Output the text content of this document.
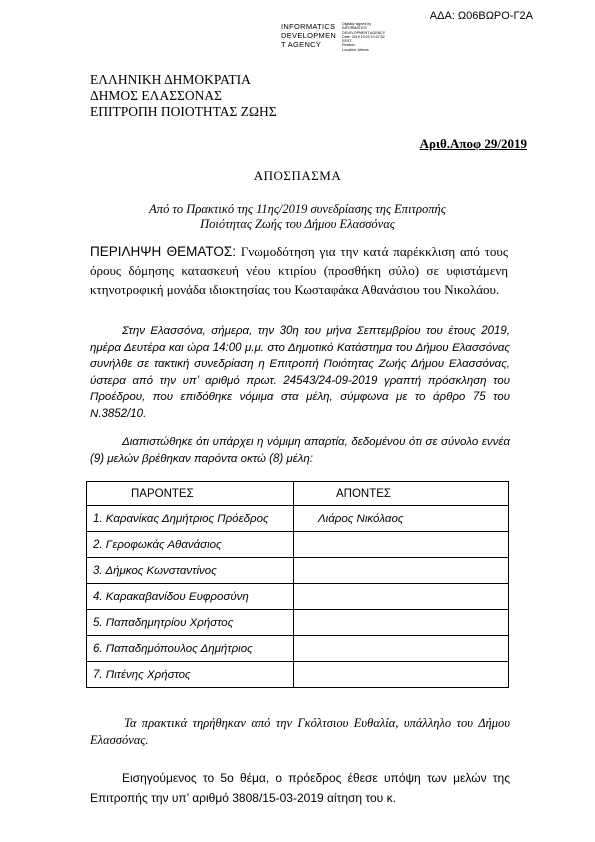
ΑΔΑ: Ω06ΒΩΡΟ-Γ2Α
INFORMATICS
DEVELOPMEN
T AGENCY
Digitally signed by
INFORMATICS
DEVELOPMENT AGENCY
Date: 2019.10.03 10:37:52
EEST
Reason:
Location: Athens
ΕΛΛΗΝΙΚΗ ΔΗΜΟΚΡΑΤΙΑ
ΔΗΜΟΣ ΕΛΑΣΣΟΝΑΣ
ΕΠΙΤΡΟΠΗ ΠΟΙΟΤΗΤΑΣ ΖΩΗΣ
Αριθ.Αποφ 29/2019
ΑΠΟΣΠΑΣΜΑ
Από το Πρακτικό της 11ης/2019 συνεδρίασης της Επιτροπής
Ποιότητας Ζωής του Δήμου Ελασσόνας
ΠΕΡΙΛΗΨΗ ΘΕΜΑΤΟΣ: Γνωμοδότηση για την κατά παρέκκλιση από τους όρους δόμησης κατασκευή νέου κτιρίου (προσθήκη σύλο) σε υφιστάμενη κτηνοτροφική μονάδα ιδιοκτησίας του Κωσταφάκα Αθανάσιου του Νικολάου.
Στην Ελασσόνα, σήμερα, την 30η του μήνα Σεπτεμβρίου του έτους 2019, ημέρα Δευτέρα και ώρα 14:00 μ.μ. στο Δημοτικό Κατάστημα του Δήμου Ελασσόνας συνήλθε σε τακτική συνεδρίαση η Επιτροπή Ποιότητας Ζωής Δήμου Ελασσόνας, ύστερα από την υπ’ αριθμό πρωτ. 24543/24-09-2019 γραπτή πρόσκληση του Προέδρου, που επιδόθηκε νόμιμα στα μέλη, σύμφωνα με το άρθρο 75 του Ν.3852/10.
Διαπιστώθηκε ότι υπάρχει η νόμιμη απαρτία, δεδομένου ότι σε σύνολο εννέα (9) μελών βρέθηκαν παρόντα οκτώ (8) μέλη:
ΠΑΡΟΝΤΕΣ	ΑΠΟΝΤΕΣ
1. Καρανίκας Δημήτριος Πρόεδρος	Λιάρος Νικόλαος
2. Γεροφωκάς Αθανάσιος	
3. Δήμκος Κωνσταντίνος	
4. Καρακαβανίδου Ευφροσύνη	
5. Παπαδημητρίου Χρήστος	
6. Παπαδημόπουλος Δημήτριος	
7. Πιτένης Χρήστος	
Τα πρακτικά τηρήθηκαν από την Γκόλτσιου Ευθαλία, υπάλληλο του Δήμου Ελασσόνας.
Εισηγούμενος το 5ο θέμα, ο πρόεδρος έθεσε υπόψη των μελών της Επιτροπής την υπ’ αριθμό 3808/15-03-2019 αίτηση του κ.
